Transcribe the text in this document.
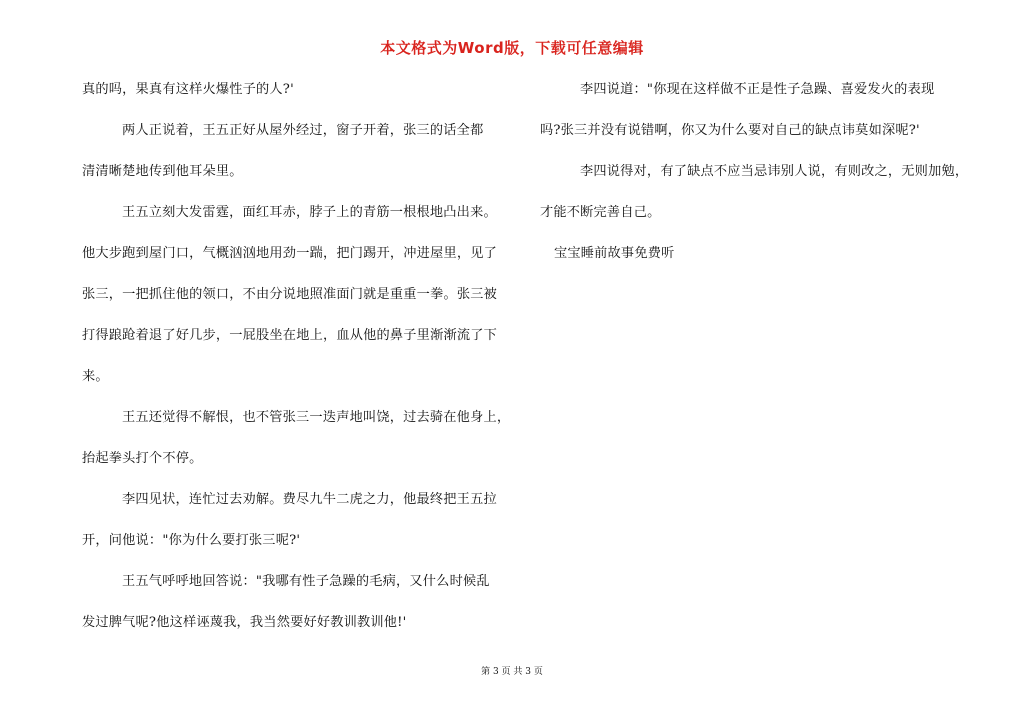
本文格式为Word版，下载可任意编辑
真的吗，果真有这样火爆性子的人?'
两人正说着，王五正好从屋外经过，窗子开着，张三的话全都
清清晰楚地传到他耳朵里。
王五立刻大发雷霆，面红耳赤，脖子上的青筋一根根地凸出来。
他大步跑到屋门口，气概汹汹地用劲一踹，把门踢开，冲进屋里，见了
张三，一把抓住他的领口，不由分说地照准面门就是重重一拳。张三被
打得踉跄着退了好几步，一屁股坐在地上，血从他的鼻子里渐渐流了下
来。
王五还觉得不解恨，也不管张三一迭声地叫饶，过去骑在他身上，
抬起拳头打个不停。
李四见状，连忙过去劝解。费尽九牛二虎之力，他最终把王五拉
开，问他说："你为什么要打张三呢?'
王五气呼呼地回答说："我哪有性子急躁的毛病，又什么时候乱
发过脾气呢?他这样诬蔑我，我当然要好好教训教训他!'
李四说道："你现在这样做不正是性子急躁、喜爱发火的表现
吗?张三并没有说错啊，你又为什么要对自己的缺点讳莫如深呢?'
李四说得对，有了缺点不应当忌讳别人说，有则改之，无则加勉，
才能不断完善自己。
宝宝睡前故事免费听
第 3 页 共 3 页
